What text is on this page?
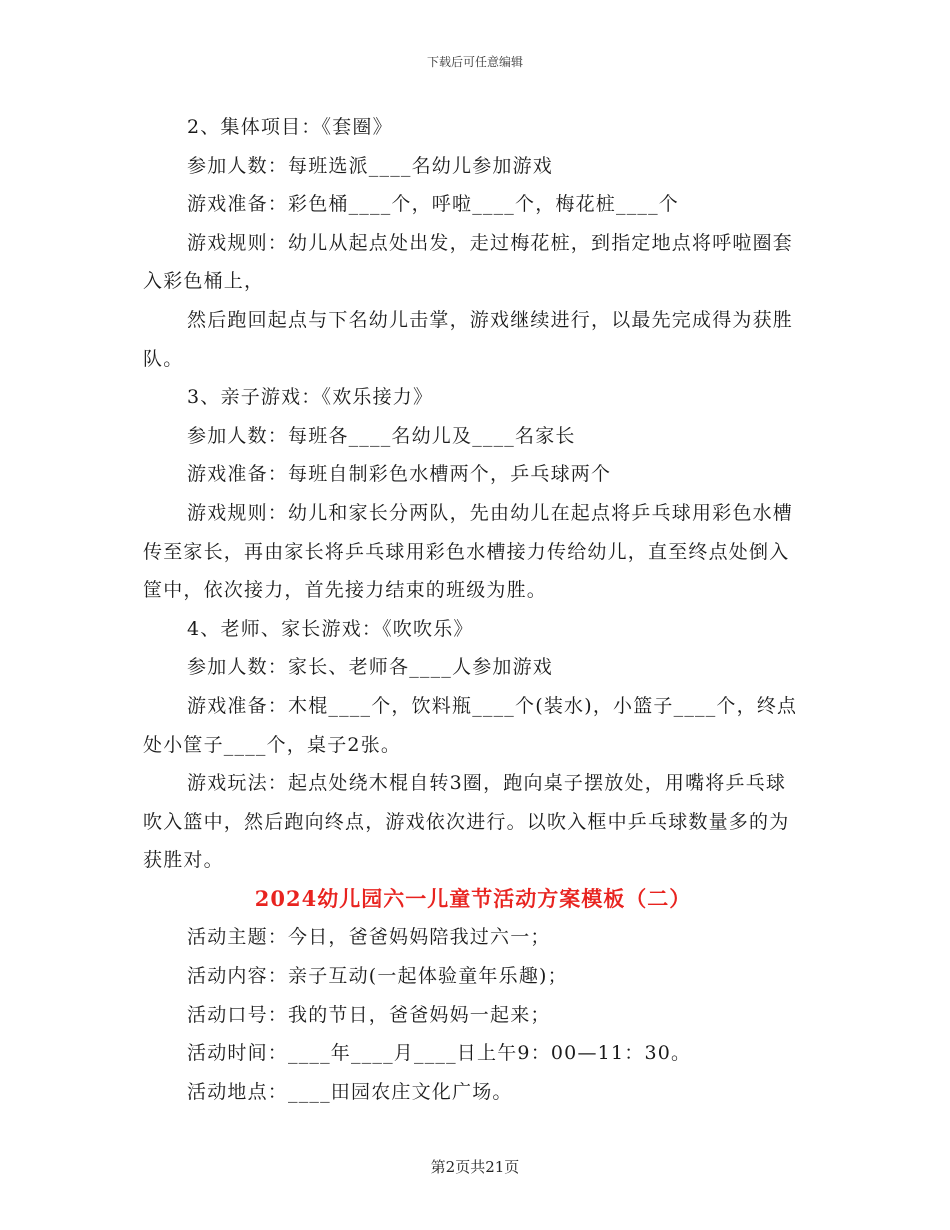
下载后可任意编辑

2、集体项目：《套圈》

参加人数：每班选派____名幼儿参加游戏

游戏准备：彩色桶____个，呼啦____个，梅花桩____个

游戏规则：幼儿从起点处出发，走过梅花桩，到指定地点将呼啦圈套入彩色桶上，

然后跑回起点与下名幼儿击掌，游戏继续进行，以最先完成得为获胜队。

3、亲子游戏：《欢乐接力》

参加人数：每班各____名幼儿及____名家长

游戏准备：每班自制彩色水槽两个，乒乓球两个

游戏规则：幼儿和家长分两队，先由幼儿在起点将乒乓球用彩色水槽传至家长，再由家长将乒乓球用彩色水槽接力传给幼儿，直至终点处倒入筐中，依次接力，首先接力结束的班级为胜。

4、老师、家长游戏：《吹吹乐》

参加人数：家长、老师各____人参加游戏

游戏准备：木棍____个，饮料瓶____个(装水)，小篮子____个，终点处小筐子____个，桌子2张。

游戏玩法：起点处绕木棍自转3圈，跑向桌子摆放处，用嘴将乒乓球吹入篮中，然后跑向终点，游戏依次进行。以吹入框中乒乓球数量多的为获胜对。

2024幼儿园六一儿童节活动方案模板（二）

活动主题：今日，爸爸妈妈陪我过六一；

活动内容：亲子互动(一起体验童年乐趣)；

活动口号：我的节日，爸爸妈妈一起来；

活动时间：____年____月____日上午9：00—11：30。

活动地点：____田园农庄文化广场。

第2页共21页
